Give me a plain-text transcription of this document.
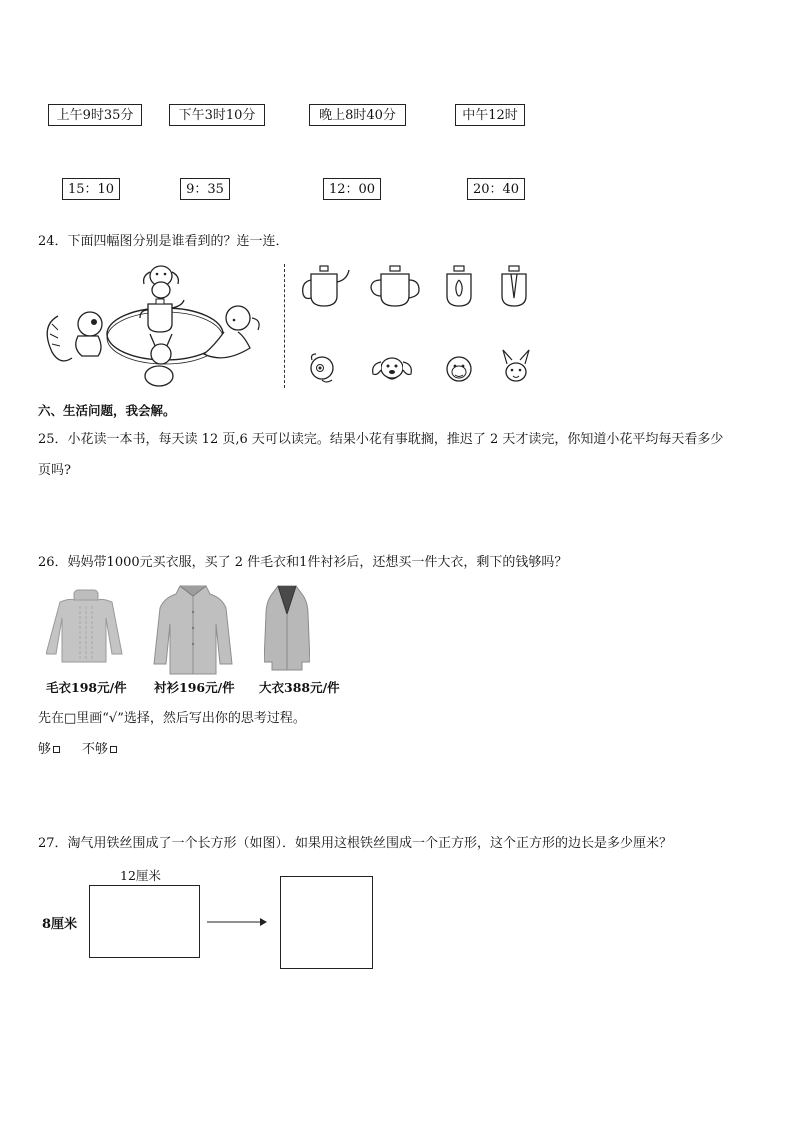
上午9时35分	下午3时10分	晚上8时40分	中午12时
15：10	9：35	12：00	20：40
24．下面四幅图分别是谁看到的？连一连．
六、生活问题，我会解。
25．小花读一本书，每天读 12 页,6 天可以读完。结果小花有事耽搁，推迟了 2 天才读完，你知道小花平均每天看多少
页吗?
26．妈妈带1000元买衣服，买了 2 件毛衣和1件衬衫后，还想买一件大衣，剩下的钱够吗？
毛衣198元/件 衬衫196元/件 大衣388元/件
先在□里画“√”选择，然后写出你的思考过程。
够	不够
27．淘气用铁丝围成了一个长方形（如图）．如果用这根铁丝围成一个正方形，这个正方形的边长是多少厘米？
12厘米
8厘米
